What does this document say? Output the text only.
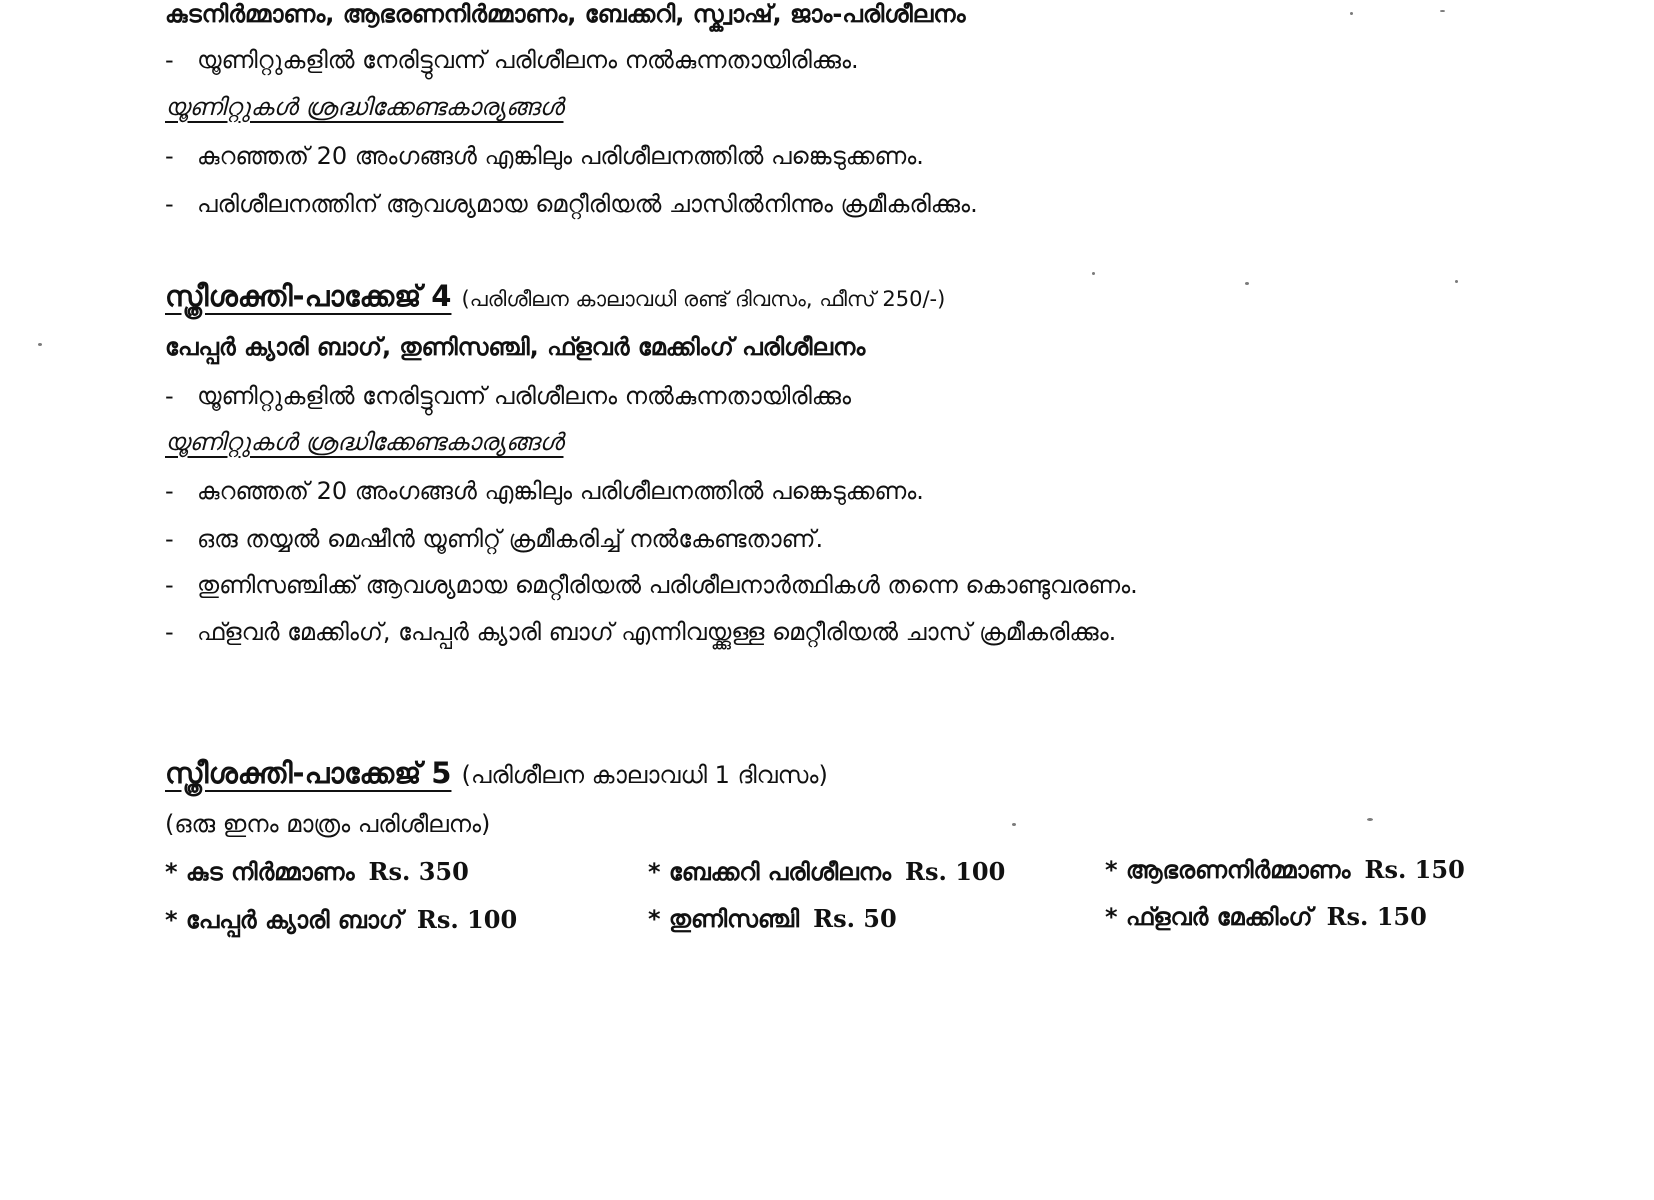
കുടനിർമ്മാണം, ആഭരണനിർമ്മാണം, ബേക്കറി, സ്ക്വാഷ്, ജാം-പരിശീലനം
- യൂണിറ്റുകളിൽ നേരിട്ടുവന്ന് പരിശീലനം നൽകുന്നതായിരിക്കും.
യൂണിറ്റുകൾ ശ്രദ്ധിക്കേണ്ടകാര്യങ്ങൾ
- കുറഞ്ഞത് 20 അംഗങ്ങൾ എങ്കിലും പരിശീലനത്തിൽ പങ്കെടുക്കണം.
- പരിശീലനത്തിന് ആവശ്യമായ മെറ്റീരിയൽ ചാസിൽനിന്നും ക്രമീകരിക്കും.
സ്ത്രീശക്തി-പാക്കേജ് 4 (പരിശീലന കാലാവധി രണ്ട് ദിവസം, ഫീസ് 250/-)
പേപ്പർ ക്യാരി ബാഗ്, തുണിസഞ്ചി, ഫ്ളവർ മേക്കിംഗ് പരിശീലനം
- യൂണിറ്റുകളിൽ നേരിട്ടുവന്ന് പരിശീലനം നൽകുന്നതായിരിക്കും
യൂണിറ്റുകൾ ശ്രദ്ധിക്കേണ്ടകാര്യങ്ങൾ
- കുറഞ്ഞത് 20 അംഗങ്ങൾ എങ്കിലും പരിശീലനത്തിൽ പങ്കെടുക്കണം.
- ഒരു തയ്യൽ മെഷീൻ യൂണിറ്റ് ക്രമീകരിച്ച് നൽകേണ്ടതാണ്.
- തുണിസഞ്ചിക്ക് ആവശ്യമായ മെറ്റീരിയൽ പരിശീലനാർത്ഥികൾ തന്നെ കൊണ്ടുവരണം.
- ഫ്ളവർ മേക്കിംഗ്, പേപ്പർ ക്യാരി ബാഗ് എന്നിവയ്ക്കുള്ള മെറ്റീരിയൽ ചാസ് ക്രമീകരിക്കും.
സ്ത്രീശക്തി-പാക്കേജ് 5 (പരിശീലന കാലാവധി 1 ദിവസം)
(ഒരു ഇനം മാത്രം പരിശീലനം)
* കുട നിർമ്മാണം Rs. 350	* ബേക്കറി പരിശീലനം Rs. 100	* ആഭരണനിർമ്മാണം Rs. 150
* പേപ്പർ ക്യാരി ബാഗ് Rs. 100	* തുണിസഞ്ചി Rs. 50	* ഫ്ളവർ മേക്കിംഗ് Rs. 150
